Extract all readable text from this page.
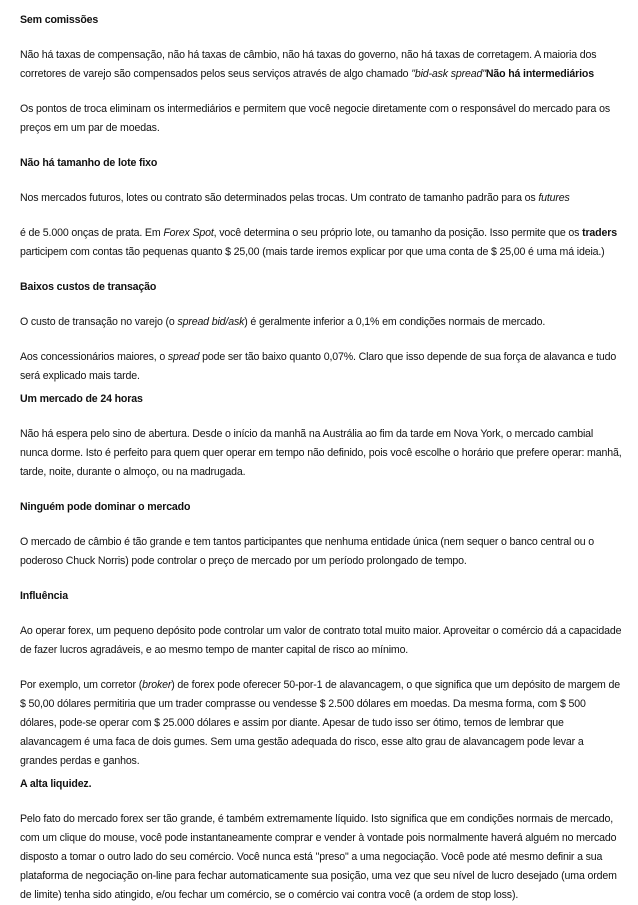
Sem comissões

Não há taxas de compensação, não há taxas de câmbio, não há taxas do governo, não há taxas de corretagem. A maioria dos corretores de varejo são compensados pelos seus serviços através de algo chamado "bid-ask spread"Não há intermediários

Os pontos de troca eliminam os intermediários e permitem que você negocie diretamente com o responsável do mercado para os preços em um par de moedas.

Não há tamanho de lote fixo

Nos mercados futuros, lotes ou contrato são determinados pelas trocas. Um contrato de tamanho padrão para os futures

é de 5.000 onças de prata. Em Forex Spot, você determina o seu próprio lote, ou tamanho da posição. Isso permite que os traders participem com contas tão pequenas quanto $ 25,00 (mais tarde iremos explicar por que uma conta de $ 25,00 é uma má ideia.)

Baixos custos de transação

O custo de transação no varejo (o spread bid/ask) é geralmente inferior a 0,1% em condições normais de mercado.

Aos concessionários maiores, o spread pode ser tão baixo quanto 0,07%. Claro que isso depende de sua força de alavanca e tudo será explicado mais tarde.

Um mercado de 24 horas

Não há espera pelo sino de abertura. Desde o início da manhã na Austrália ao fim da tarde em Nova York, o mercado cambial nunca dorme. Isto é perfeito para quem quer operar em tempo não definido, pois você escolhe o horário que prefere operar: manhã, tarde, noite, durante o almoço, ou na madrugada.

Ninguém pode dominar o mercado

O mercado de câmbio é tão grande e tem tantos participantes que nenhuma entidade única (nem sequer o banco central ou o poderoso Chuck Norris) pode controlar o preço de mercado por um período prolongado de tempo.

Influência

Ao operar forex, um pequeno depósito pode controlar um valor de contrato total muito maior. Aproveitar o comércio dá a capacidade de fazer lucros agradáveis, e ao mesmo tempo de manter capital de risco ao mínimo.

Por exemplo, um corretor (broker) de forex pode oferecer 50-por-1 de alavancagem, o que significa que um depósito de margem de $ 50,00 dólares permitiria que um trader comprasse ou vendesse $ 2.500 dólares em moedas. Da mesma forma, com $ 500 dólares, pode-se operar com $ 25.000 dólares e assim por diante. Apesar de tudo isso ser ótimo, temos de lembrar que alavancagem é uma faca de dois gumes. Sem uma gestão adequada do risco, esse alto grau de alavancagem pode levar a grandes perdas e ganhos.

A alta liquidez.

Pelo fato do mercado forex ser tão grande, é também extremamente líquido. Isto significa que em condições normais de mercado, com um clique do mouse, você pode instantaneamente comprar e vender à vontade pois normalmente haverá alguém no mercado disposto a tomar o outro lado do seu comércio. Você nunca está "preso" a uma negociação. Você pode até mesmo definir a sua plataforma de negociação on-line para fechar automaticamente sua posição, uma vez que seu nível de lucro desejado (uma ordem de limite) tenha sido atingido, e/ou fechar um comércio, se o comércio vai contra você (a ordem de stop loss).
